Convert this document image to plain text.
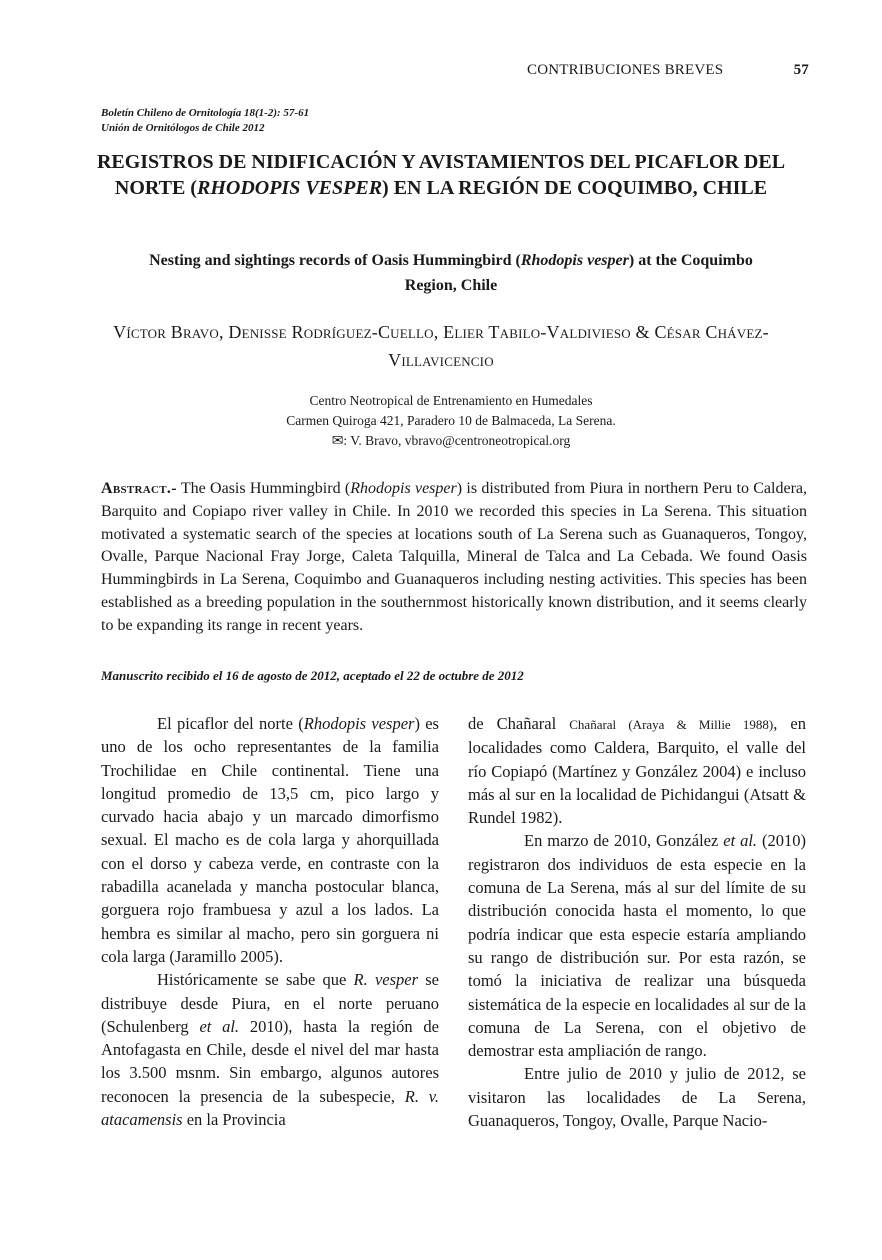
CONTRIBUCIONES BREVES	57
Boletín Chileno de Ornitología 18(1-2): 57-61
Unión de Ornitólogos de Chile 2012
REGISTROS DE NIDIFICACIÓN Y AVISTAMIENTOS DEL PICAFLOR DEL NORTE (RHODOPIS VESPER) EN LA REGIÓN DE COQUIMBO, CHILE
Nesting and sightings records of Oasis Hummingbird (Rhodopis vesper) at the Coquimbo Region, Chile
Víctor Bravo, Denisse Rodríguez-Cuello, Elier Tabilo-Valdivieso & César Chávez-Villavicencio
Centro Neotropical de Entrenamiento en Humedales
Carmen Quiroga 421, Paradero 10 de Balmaceda, La Serena.
✉: V. Bravo, vbravo@centroneotropical.org
Abstract.- The Oasis Hummingbird (Rhodopis vesper) is distributed from Piura in northern Peru to Caldera, Barquito and Copiapo river valley in Chile. In 2010 we recorded this species in La Serena. This situation motivated a systematic search of the species at locations south of La Serena such as Guanaqueros, Tongoy, Ovalle, Parque Nacional Fray Jorge, Caleta Talquilla, Mineral de Talca and La Cebada. We found Oasis Hummingbirds in La Serena, Coquimbo and Guanaqueros including nesting activities. This species has been established as a breeding population in the southernmost historically known distribution, and it seems clearly to be expanding its range in recent years.
Manuscrito recibido el 16 de agosto de 2012, aceptado el 22 de octubre de 2012

El picaflor del norte (Rhodopis vesper) es uno de los ocho representantes de la familia Trochilidae en Chile continental. Tiene una longitud promedio de 13,5 cm, pico largo y curvado hacia abajo y un marcado dimorfismo sexual. El macho es de cola larga y ahorquillada con el dorso y cabeza verde, en contraste con la rabadilla acanelada y mancha postocular blanca, gorguera rojo frambuesa y azul a los lados. La hembra es similar al macho, pero sin gorguera ni cola larga (Jaramillo 2005).

Históricamente se sabe que R. vesper se distribuye desde Piura, en el norte peruano (Schulenberg et al. 2010), hasta la región de Antofagasta en Chile, desde el nivel del mar hasta los 3.500 msnm. Sin embargo, algunos autores reconocen la presencia de la subespecie, R. v. atacamensis en la Provincia

de Chañaral Chañaral (Araya & Millie 1988), en localidades como Caldera, Barquito, el valle del río Copiapó (Martínez y González 2004) e incluso más al sur en la localidad de Pichidangui (Atsatt & Rundel 1982).

En marzo de 2010, González et al. (2010) registraron dos individuos de esta especie en la comuna de La Serena, más al sur del límite de su distribución conocida hasta el momento, lo que podría indicar que esta especie estaría ampliando su rango de distribución sur. Por esta razón, se tomó la iniciativa de realizar una búsqueda sistemática de la especie en localidades al sur de la comuna de La Serena, con el objetivo de demostrar esta ampliación de rango.

Entre julio de 2010 y julio de 2012, se visitaron las localidades de La Serena, Guanaqueros, Tongoy, Ovalle, Parque Nacio-
